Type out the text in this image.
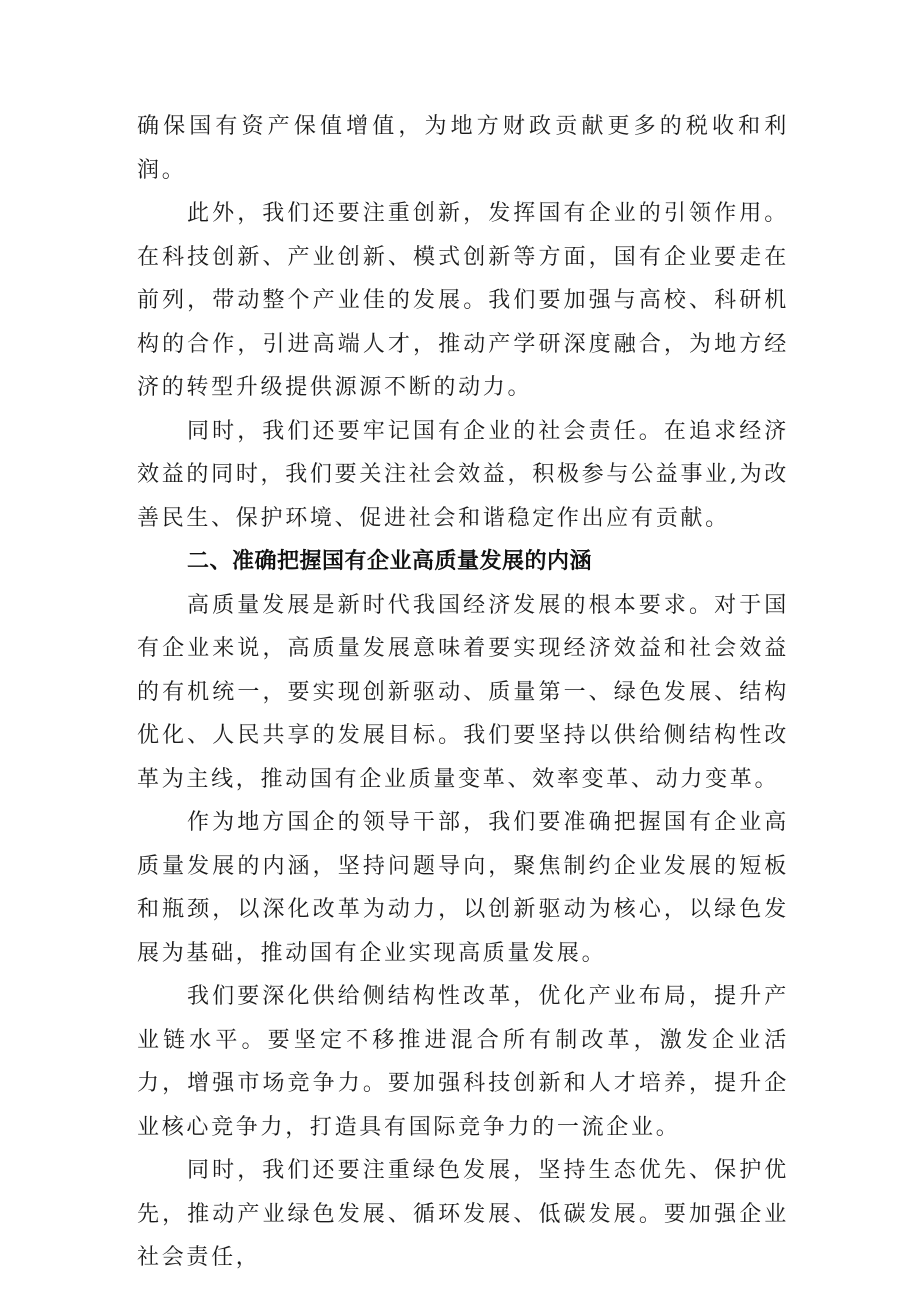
确保国有资产保值增值，为地方财政贡献更多的税收和利润。

此外，我们还要注重创新，发挥国有企业的引领作用。在科技创新、产业创新、模式创新等方面，国有企业要走在前列，带动整个产业佳的发展。我们要加强与高校、科研机构的合作，引进高端人才，推动产学研深度融合，为地方经济的转型升级提供源源不断的动力。

同时，我们还要牢记国有企业的社会责任。在追求经济效益的同时，我们要关注社会效益，积极参与公益事业,为改善民生、保护环境、促进社会和谐稳定作出应有贡献。

二、准确把握国有企业高质量发展的内涵

高质量发展是新时代我国经济发展的根本要求。对于国有企业来说，高质量发展意味着要实现经济效益和社会效益的有机统一，要实现创新驱动、质量第一、绿色发展、结构优化、人民共享的发展目标。我们要坚持以供给侧结构性改革为主线，推动国有企业质量变革、效率变革、动力变革。

作为地方国企的领导干部，我们要准确把握国有企业高质量发展的内涵，坚持问题导向，聚焦制约企业发展的短板和瓶颈，以深化改革为动力，以创新驱动为核心，以绿色发展为基础，推动国有企业实现高质量发展。

我们要深化供给侧结构性改革，优化产业布局，提升产业链水平。要坚定不移推进混合所有制改革，激发企业活力，增强市场竞争力。要加强科技创新和人才培养，提升企业核心竞争力，打造具有国际竞争力的一流企业。

同时，我们还要注重绿色发展，坚持生态优先、保护优先，推动产业绿色发展、循环发展、低碳发展。要加强企业社会责任，
